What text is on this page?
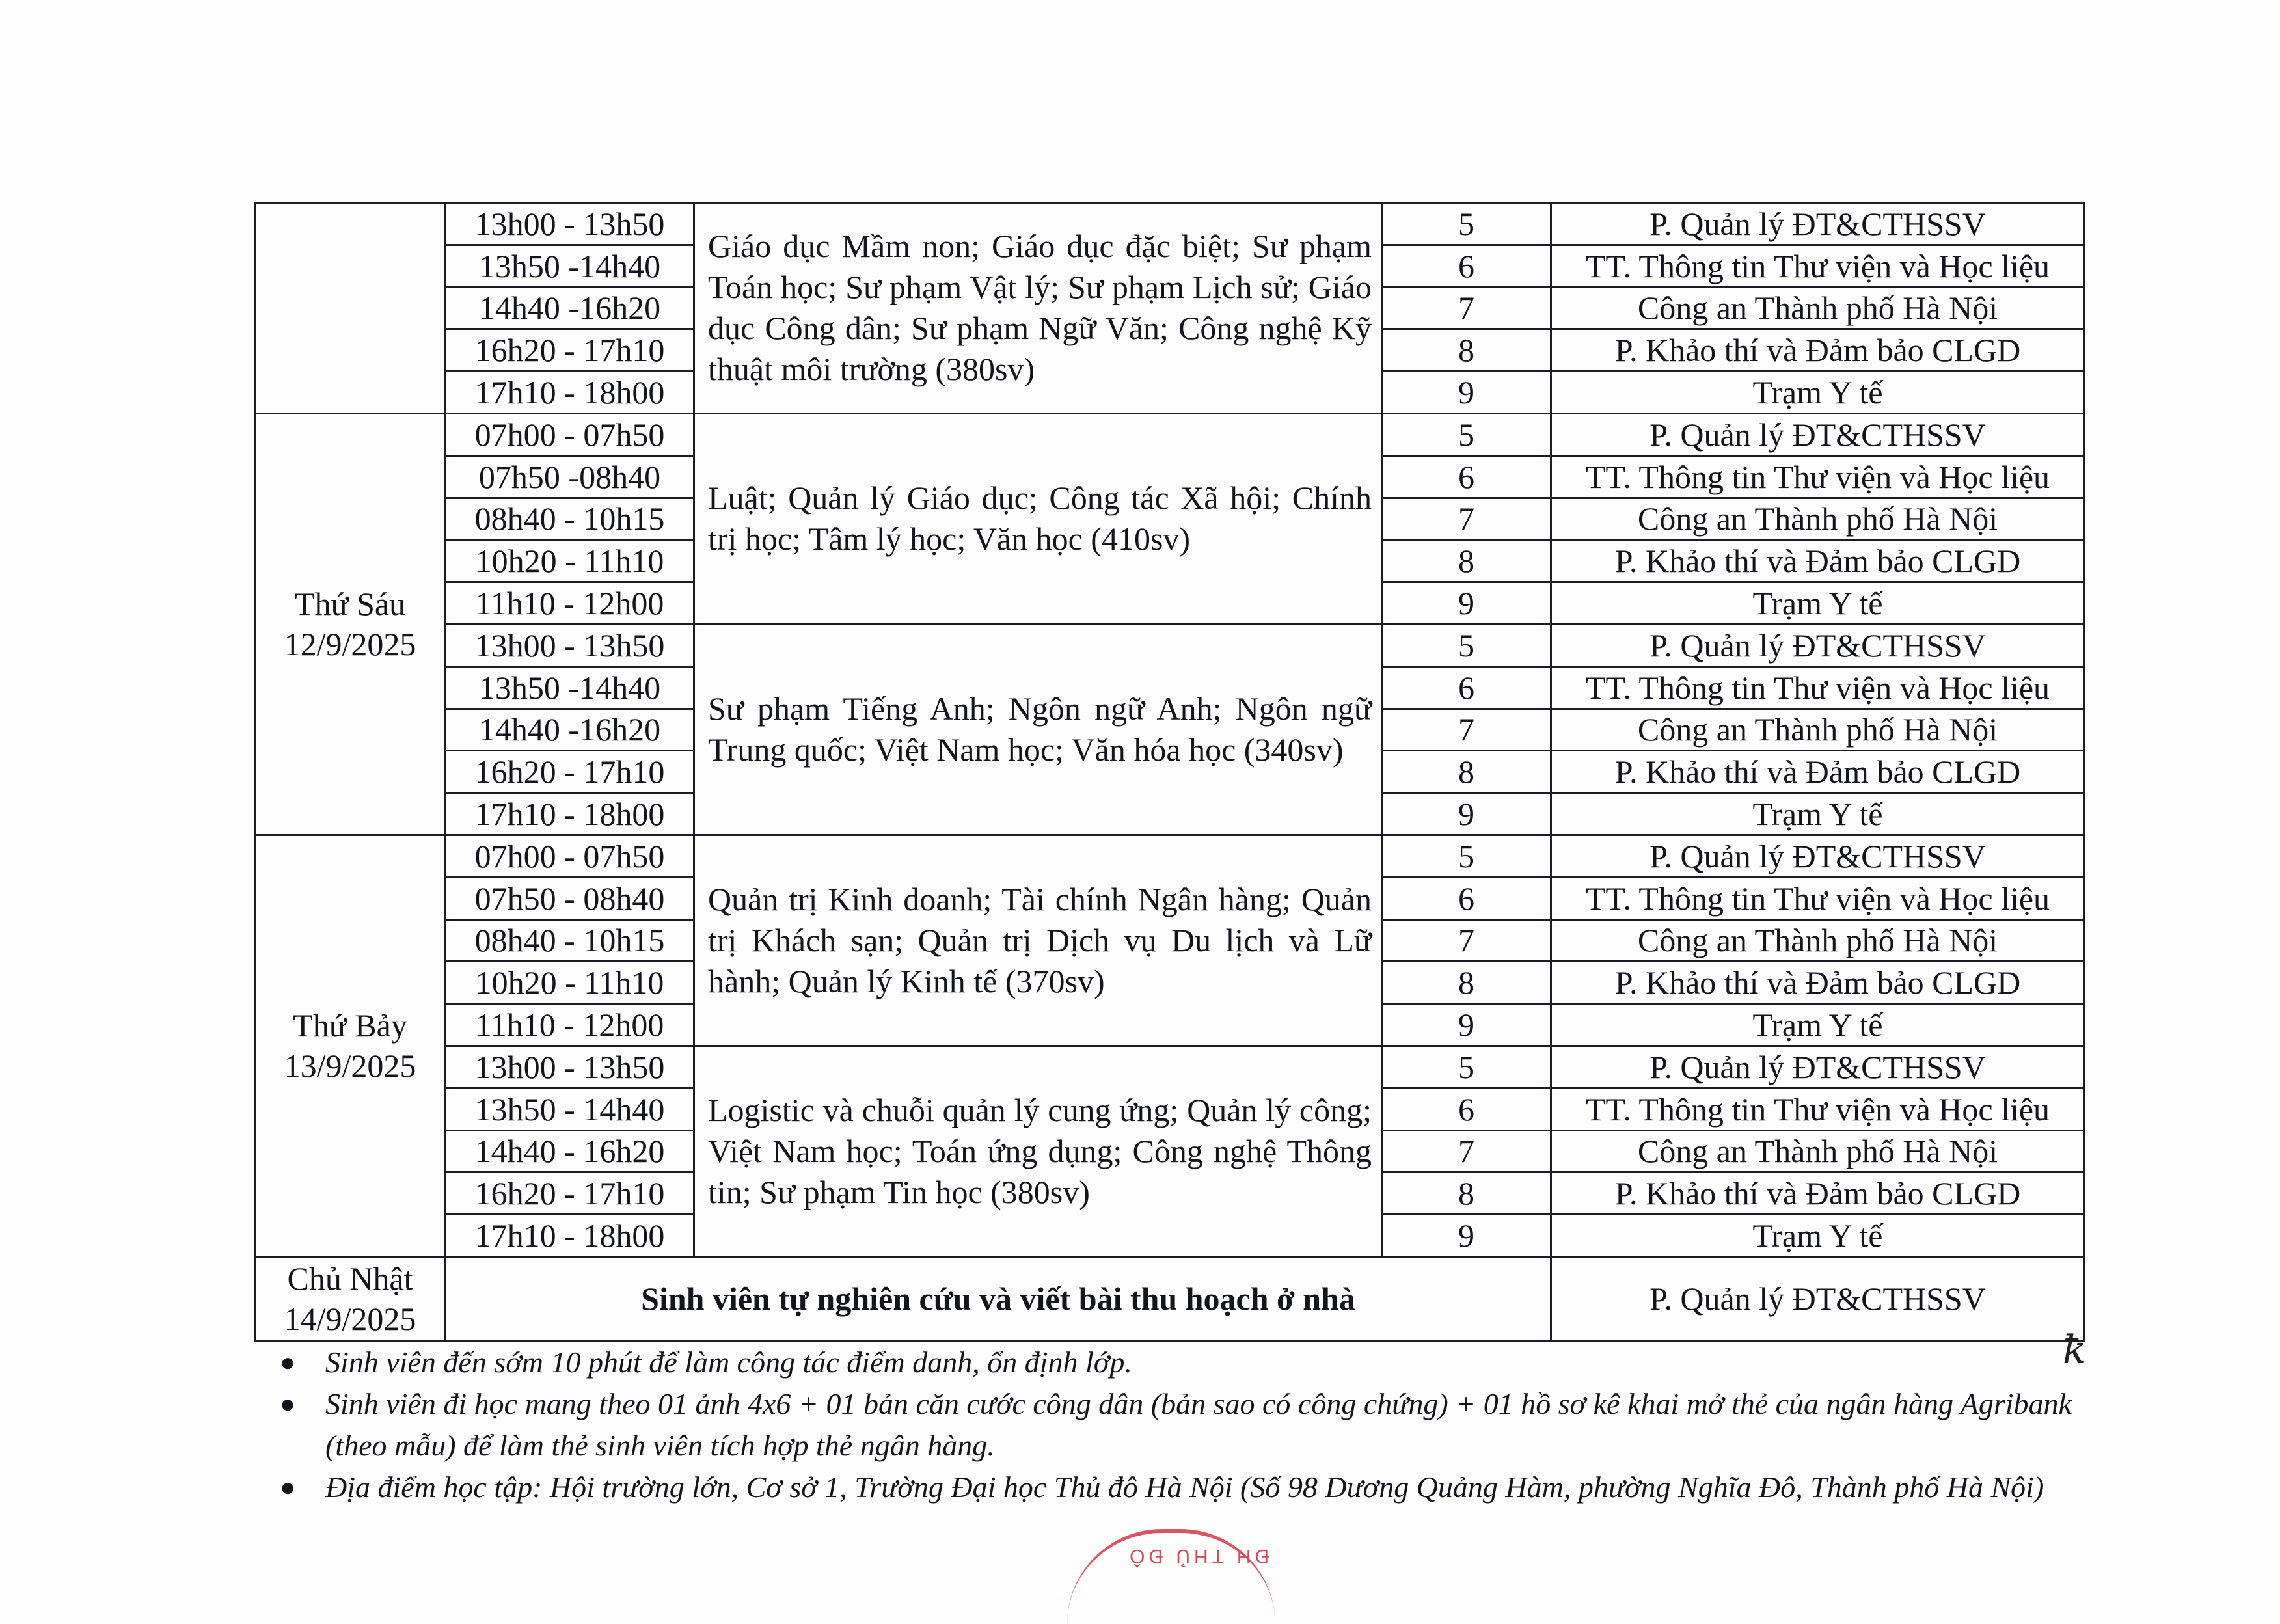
	13h00 - 13h50	Giáo dục Mầm non; Giáo dục đặc biệt; Sư phạm Toán học; Sư phạm Vật lý; Sư phạm Lịch sử; Giáo dục Công dân; Sư phạm Ngữ Văn; Công nghệ Kỹ thuật môi trường (380sv)	5	P. Quản lý ĐT&CTHSSV
	13h50 -14h40		6	TT. Thông tin Thư viện và Học liệu
	14h40 -16h20		7	Công an Thành phố Hà Nội
	16h20 - 17h10		8	P. Khảo thí và Đảm bảo CLGD
	17h10 - 18h00		9	Trạm Y tế
Thứ Sáu
12/9/2025	07h00 - 07h50	Luật; Quản lý Giáo dục; Công tác Xã hội; Chính trị học; Tâm lý học; Văn học (410sv)	5	P. Quản lý ĐT&CTHSSV
	07h50 -08h40		6	TT. Thông tin Thư viện và Học liệu
	08h40 - 10h15		7	Công an Thành phố Hà Nội
	10h20 - 11h10		8	P. Khảo thí và Đảm bảo CLGD
	11h10 - 12h00		9	Trạm Y tế
	13h00 - 13h50	Sư phạm Tiếng Anh; Ngôn ngữ Anh; Ngôn ngữ Trung quốc; Việt Nam học; Văn hóa học (340sv)	5	P. Quản lý ĐT&CTHSSV
	13h50 -14h40		6	TT. Thông tin Thư viện và Học liệu
	14h40 -16h20		7	Công an Thành phố Hà Nội
	16h20 - 17h10		8	P. Khảo thí và Đảm bảo CLGD
	17h10 - 18h00		9	Trạm Y tế
Thứ Bảy
13/9/2025	07h00 - 07h50	Quản trị Kinh doanh; Tài chính Ngân hàng; Quản trị Khách sạn; Quản trị Dịch vụ Du lịch và Lữ hành; Quản lý Kinh tế (370sv)	5	P. Quản lý ĐT&CTHSSV
	07h50 - 08h40		6	TT. Thông tin Thư viện và Học liệu
	08h40 - 10h15		7	Công an Thành phố Hà Nội
	10h20 - 11h10		8	P. Khảo thí và Đảm bảo CLGD
	11h10 - 12h00		9	Trạm Y tế
	13h00 - 13h50	Logistic và chuỗi quản lý cung ứng; Quản lý công; Việt Nam học; Toán ứng dụng; Công nghệ Thông tin; Sư phạm Tin học (380sv)	5	P. Quản lý ĐT&CTHSSV
	13h50 - 14h40		6	TT. Thông tin Thư viện và Học liệu
	14h40 - 16h20		7	Công an Thành phố Hà Nội
	16h20 - 17h10		8	P. Khảo thí và Đảm bảo CLGD
	17h10 - 18h00		9	Trạm Y tế
Chủ Nhật
14/9/2025	Sinh viên tự nghiên cứu và viết bài thu hoạch ở nhà			P. Quản lý ĐT&CTHSSV
ꝁ
● Sinh viên đến sớm 10 phút để làm công tác điểm danh, ổn định lớp.
● Sinh viên đi học mang theo 01 ảnh 4x6 + 01 bản căn cước công dân (bản sao có công chứng) + 01 hồ sơ kê khai mở thẻ của ngân hàng Agribank (theo mẫu) để làm thẻ sinh viên tích hợp thẻ ngân hàng.
● Địa điểm học tập: Hội trường lớn, Cơ sở 1, Trường Đại học Thủ đô Hà Nội (Số 98 Dương Quảng Hàm, phường Nghĩa Đô, Thành phố Hà Nội)
ĐH THỦ ĐÔ
